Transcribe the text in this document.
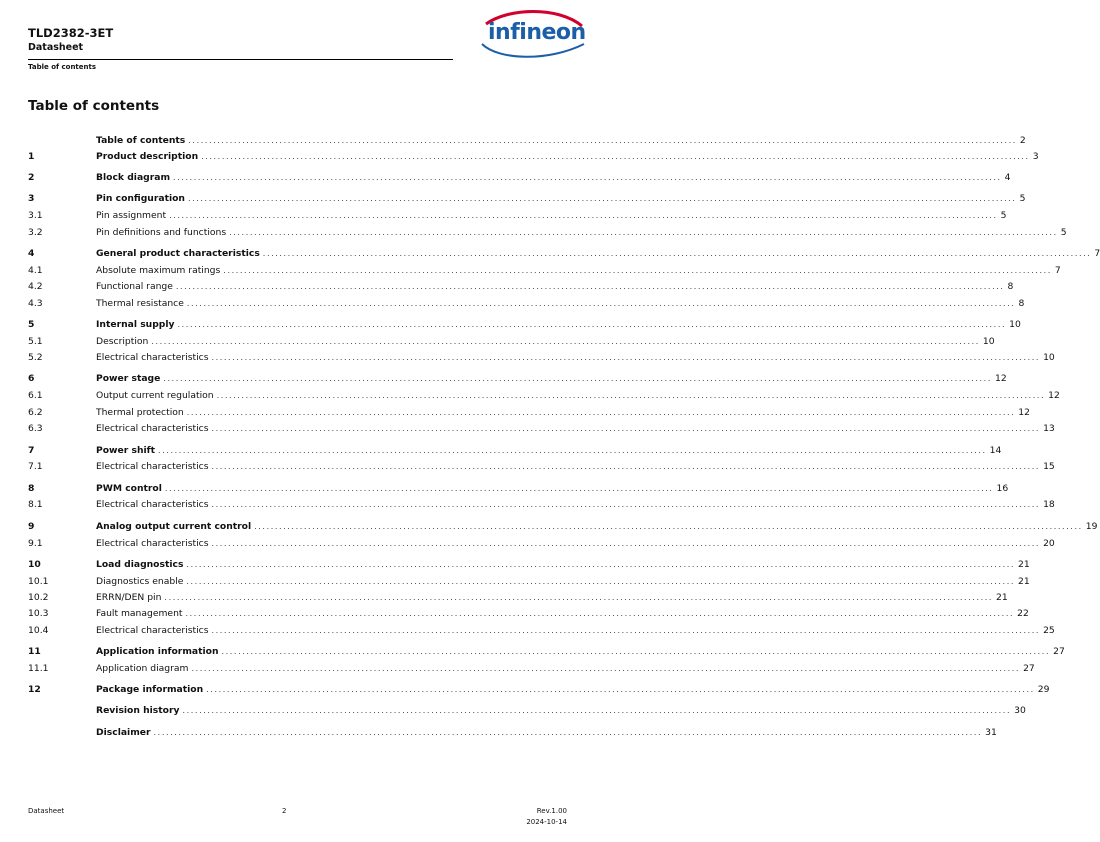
TLD2382-3ET
Datasheet
Table of contents
infineon
Table of contents
Table of contents ........................................................................................................................................................................................................ 2
1	Product description ........................................................................................................................................................................................................ 3
2	Block diagram ........................................................................................................................................................................................................ 4
3	Pin configuration ........................................................................................................................................................................................................ 5
3.1	Pin assignment ........................................................................................................................................................................................................ 5
3.2	Pin definitions and functions ........................................................................................................................................................................................................ 5
4	General product characteristics ........................................................................................................................................................................................................ 7
4.1	Absolute maximum ratings ........................................................................................................................................................................................................ 7
4.2	Functional range ........................................................................................................................................................................................................ 8
4.3	Thermal resistance ........................................................................................................................................................................................................ 8
5	Internal supply ........................................................................................................................................................................................................ 10
5.1	Description ........................................................................................................................................................................................................ 10
5.2	Electrical characteristics ........................................................................................................................................................................................................ 10
6	Power stage ........................................................................................................................................................................................................ 12
6.1	Output current regulation ........................................................................................................................................................................................................ 12
6.2	Thermal protection ........................................................................................................................................................................................................ 12
6.3	Electrical characteristics ........................................................................................................................................................................................................ 13
7	Power shift ........................................................................................................................................................................................................ 14
7.1	Electrical characteristics ........................................................................................................................................................................................................ 15
8	PWM control ........................................................................................................................................................................................................ 16
8.1	Electrical characteristics ........................................................................................................................................................................................................ 18
9	Analog output current control ........................................................................................................................................................................................................ 19
9.1	Electrical characteristics ........................................................................................................................................................................................................ 20
10	Load diagnostics ........................................................................................................................................................................................................ 21
10.1	Diagnostics enable ........................................................................................................................................................................................................ 21
10.2	ERRN/DEN pin ........................................................................................................................................................................................................ 21
10.3	Fault management ........................................................................................................................................................................................................ 22
10.4	Electrical characteristics ........................................................................................................................................................................................................ 25
11	Application information ........................................................................................................................................................................................................ 27
11.1	Application diagram ........................................................................................................................................................................................................ 27
12	Package information ........................................................................................................................................................................................................ 29
Revision history ........................................................................................................................................................................................................ 30
Disclaimer ........................................................................................................................................................................................................ 31
Datasheet	2	Rev.1.00
2024-10-14
